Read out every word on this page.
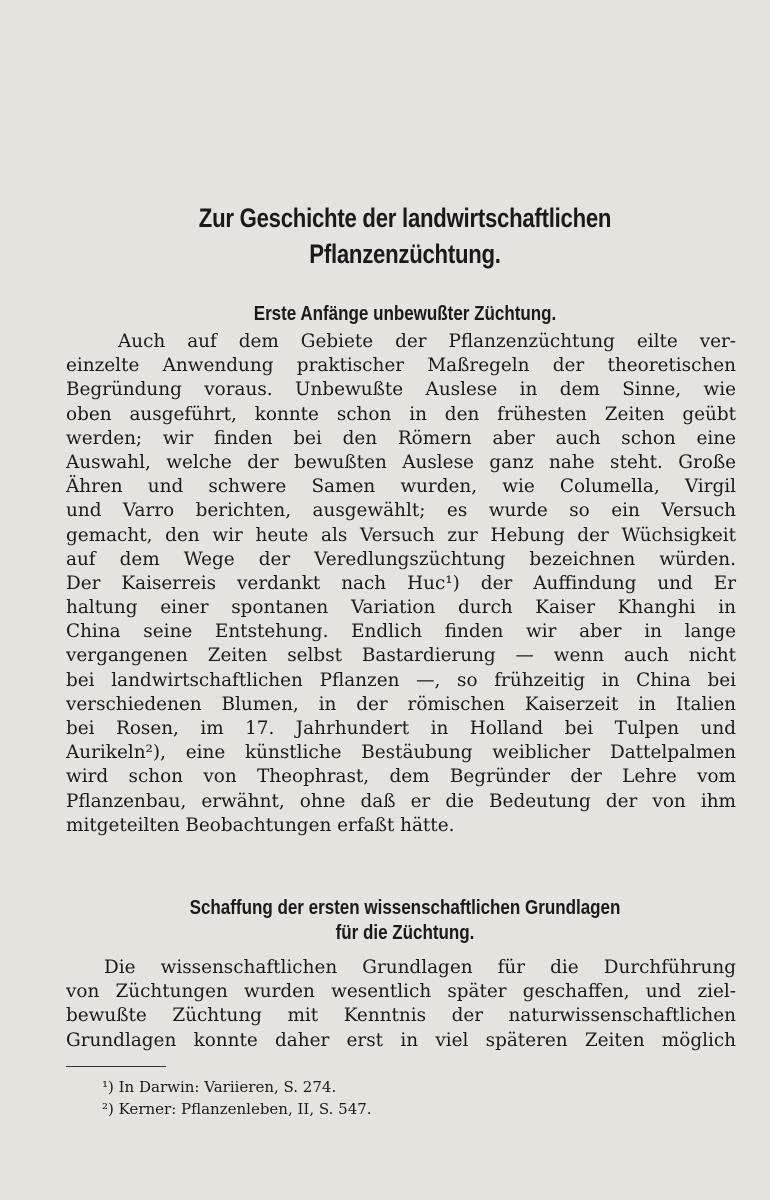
Zur Geschichte der landwirtschaftlichen
Pflanzenzüchtung.
Erste Anfänge unbewußter Züchtung.
Auch auf dem Gebiete der Pflanzenzüchtung eilte ver-
einzelte Anwendung praktischer Maßregeln der theoretischen
Begründung voraus. Unbewußte Auslese in dem Sinne, wie
oben ausgeführt, konnte schon in den frühesten Zeiten geübt
werden; wir finden bei den Römern aber auch schon eine
Auswahl, welche der bewußten Auslese ganz nahe steht. Große
Ähren und schwere Samen wurden, wie Columella, Virgil
und Varro berichten, ausgewählt; es wurde so ein Versuch
gemacht, den wir heute als Versuch zur Hebung der Wüchsigkeit
auf dem Wege der Veredlungszüchtung bezeichnen würden.
Der Kaiserreis verdankt nach Huc¹) der Auffindung und Er
haltung einer spontanen Variation durch Kaiser Khanghi in
China seine Entstehung. Endlich finden wir aber in lange
vergangenen Zeiten selbst Bastardierung — wenn auch nicht
bei landwirtschaftlichen Pflanzen —, so frühzeitig in China bei
verschiedenen Blumen, in der römischen Kaiserzeit in Italien
bei Rosen, im 17. Jahrhundert in Holland bei Tulpen und
Aurikeln²), eine künstliche Bestäubung weiblicher Dattelpalmen
wird schon von Theophrast, dem Begründer der Lehre vom
Pflanzenbau, erwähnt, ohne daß er die Bedeutung der von ihm
mitgeteilten Beobachtungen erfaßt hätte.
Schaffung der ersten wissenschaftlichen Grundlagen
für die Züchtung.
Die wissenschaftlichen Grundlagen für die Durchführung
von Züchtungen wurden wesentlich später geschaffen, und ziel-
bewußte Züchtung mit Kenntnis der naturwissenschaftlichen
Grundlagen konnte daher erst in viel späteren Zeiten möglich
¹) In Darwin: Variieren, S. 274.
²) Kerner: Pflanzenleben, II, S. 547.
